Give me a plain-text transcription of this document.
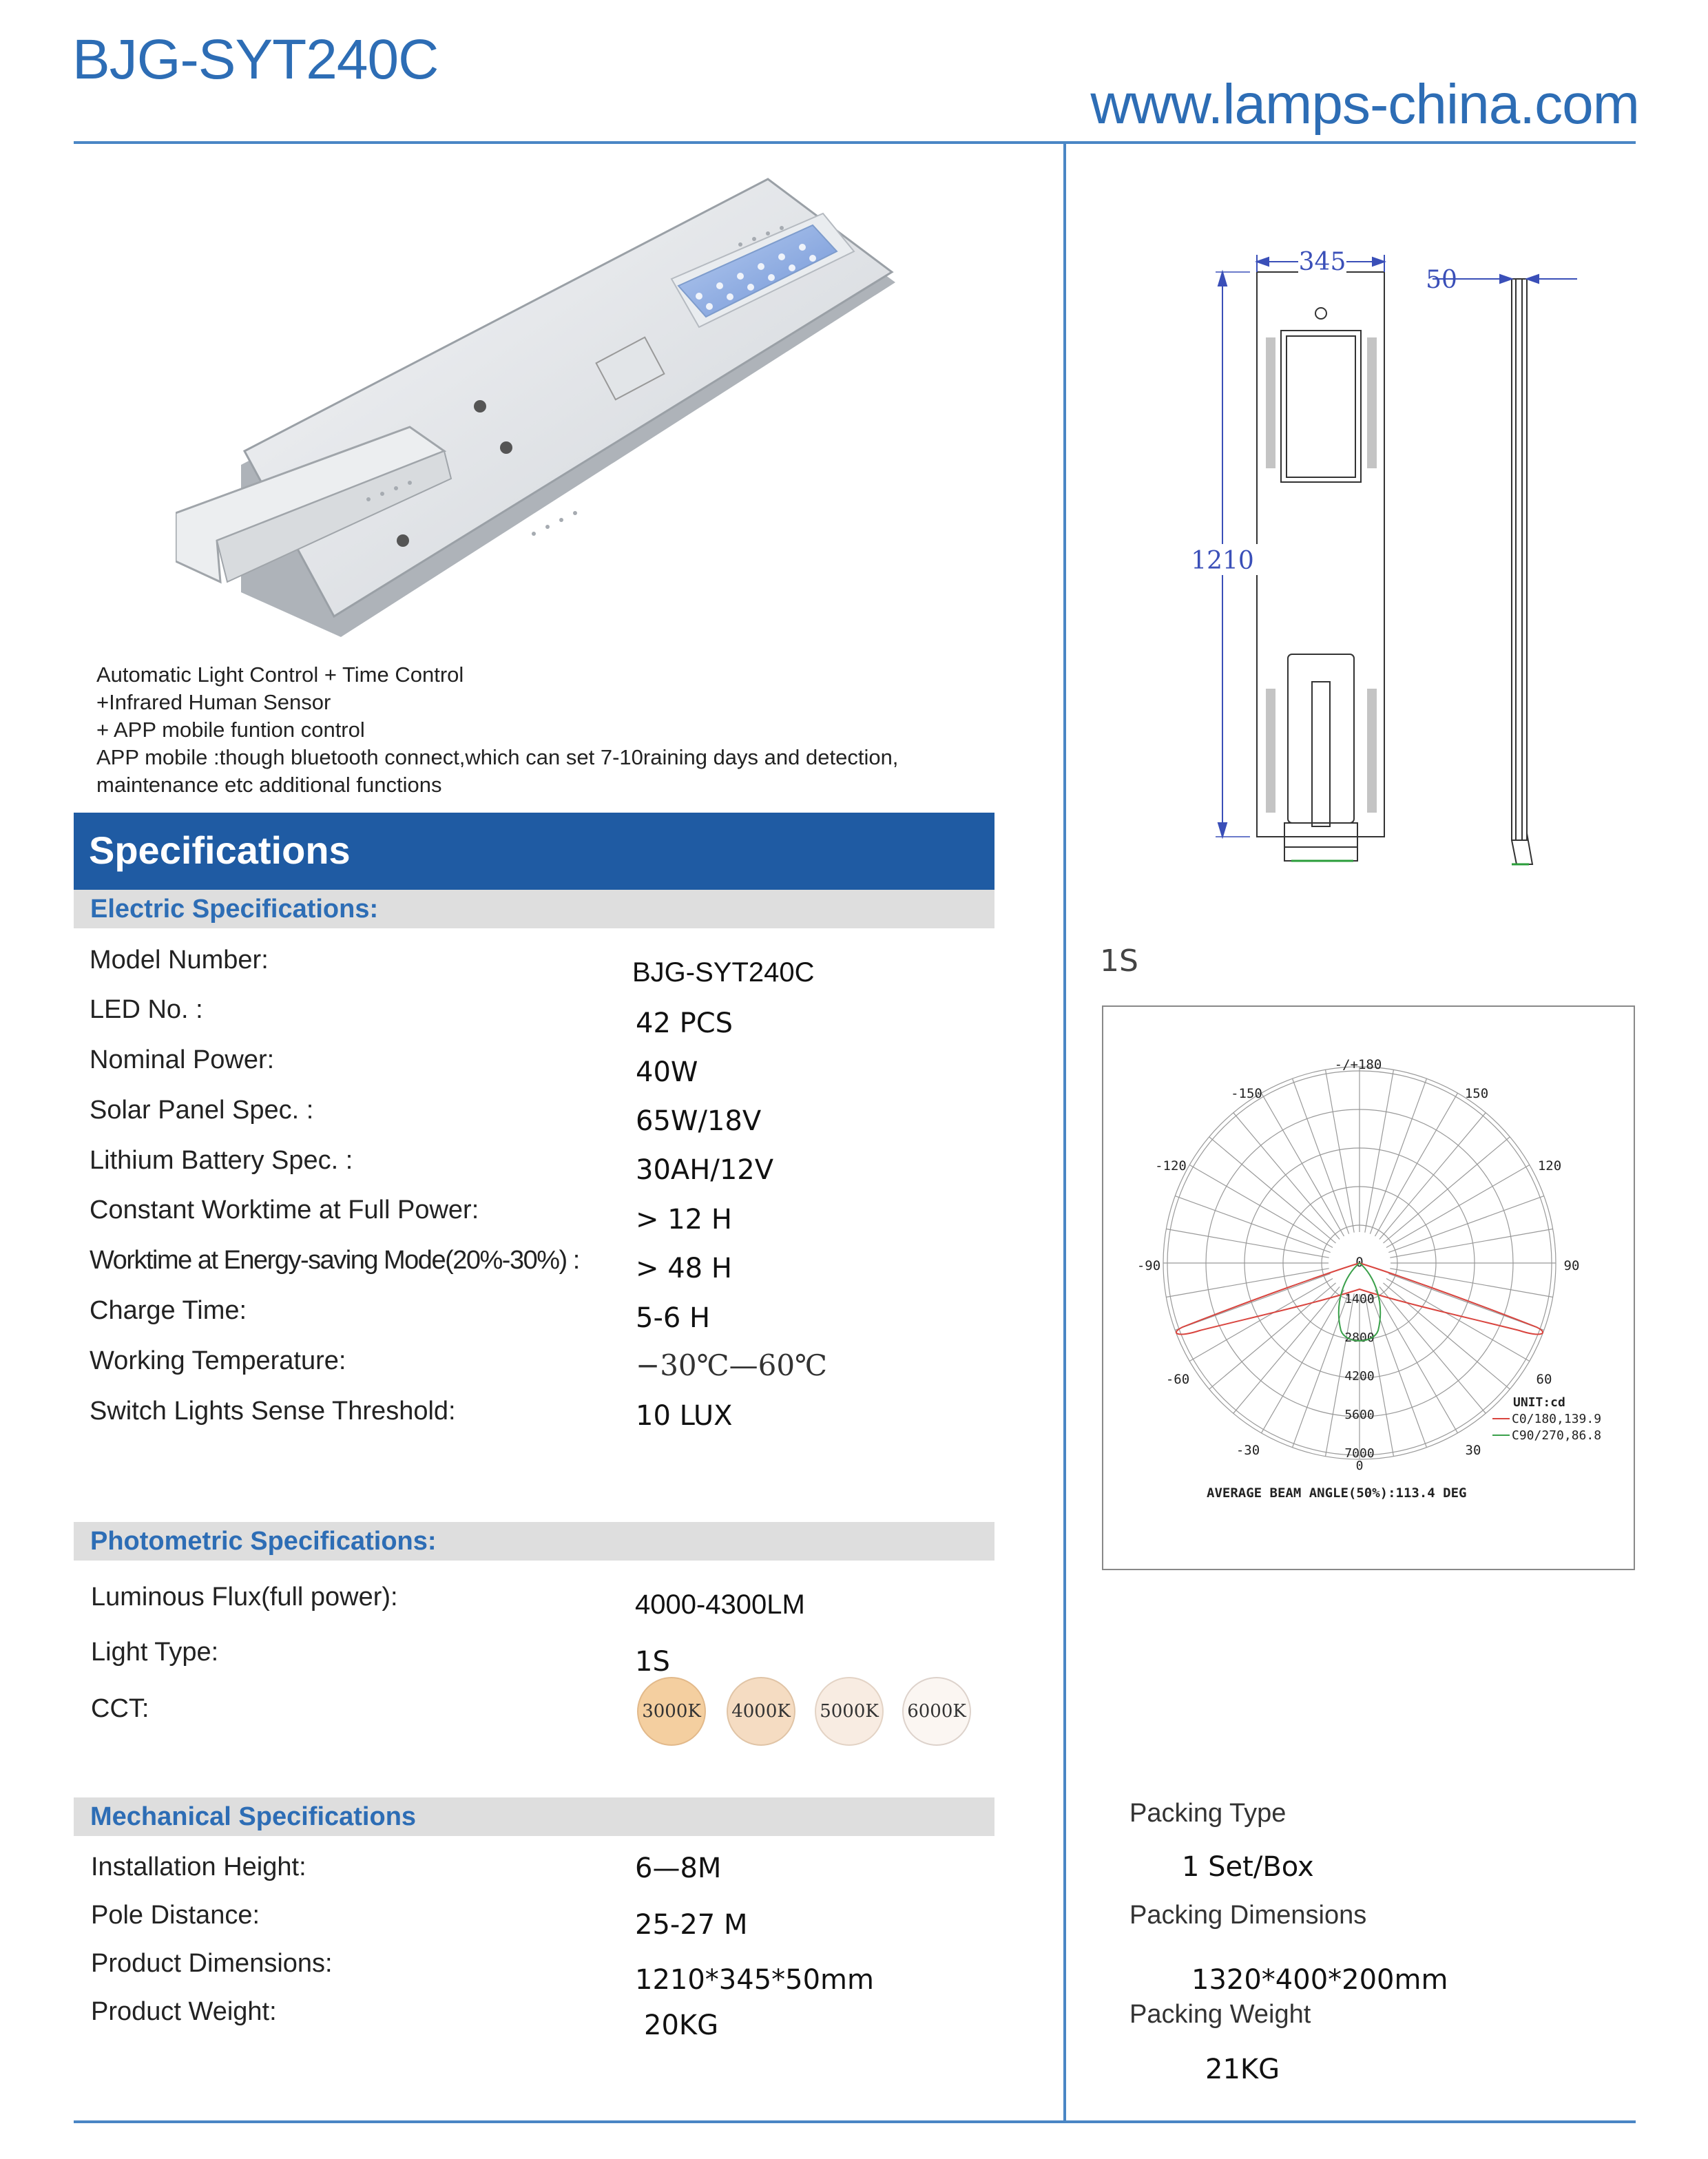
BJG-SYT240C
www.lamps-china.com
Automatic Light Control + Time Control
+Infrared Human Sensor
+ APP mobile funtion control
APP mobile :though bluetooth connect,which can set 7-10raining days and detection,
maintenance etc additional functions
Specifications
Electric Specifications:
Model Number:	BJG-SYT240C
LED No. :	42 PCS
Nominal Power:	40W
Solar Panel Spec. :	65W/18V
Lithium Battery Spec. :	30AH/12V
Constant Worktime at Full Power:	> 12 H
Worktime at Energy-saving Mode(20%-30%) : > 48 H
Charge Time:	5-6 H
Working Temperature:	−30℃—60℃
Switch Lights Sense Threshold:	10 LUX
Photometric Specifications:
Luminous Flux(full power):	4000-4300LM
Light Type:	1S
CCT:	3000K 4000K 5000K 6000K
Mechanical Specifications
Installation Height:	6—8M
Pole Distance:	25-27 M
Product Dimensions:
1210*345*50mm
Product Weight:	20KG
Packing Type
1 Set/Box
Packing Dimensions
1320*400*200mm
Packing Weight
21KG
345
50
1210
1S
-/+180
-150	150
-120	120
-90	90
-60	60
-30	30
0
1400
2800
4200
5600
7000
0
UNIT:cd
C0/180,139.9
C90/270,86.8
AVERAGE BEAM ANGLE(50%):113.4 DEG
